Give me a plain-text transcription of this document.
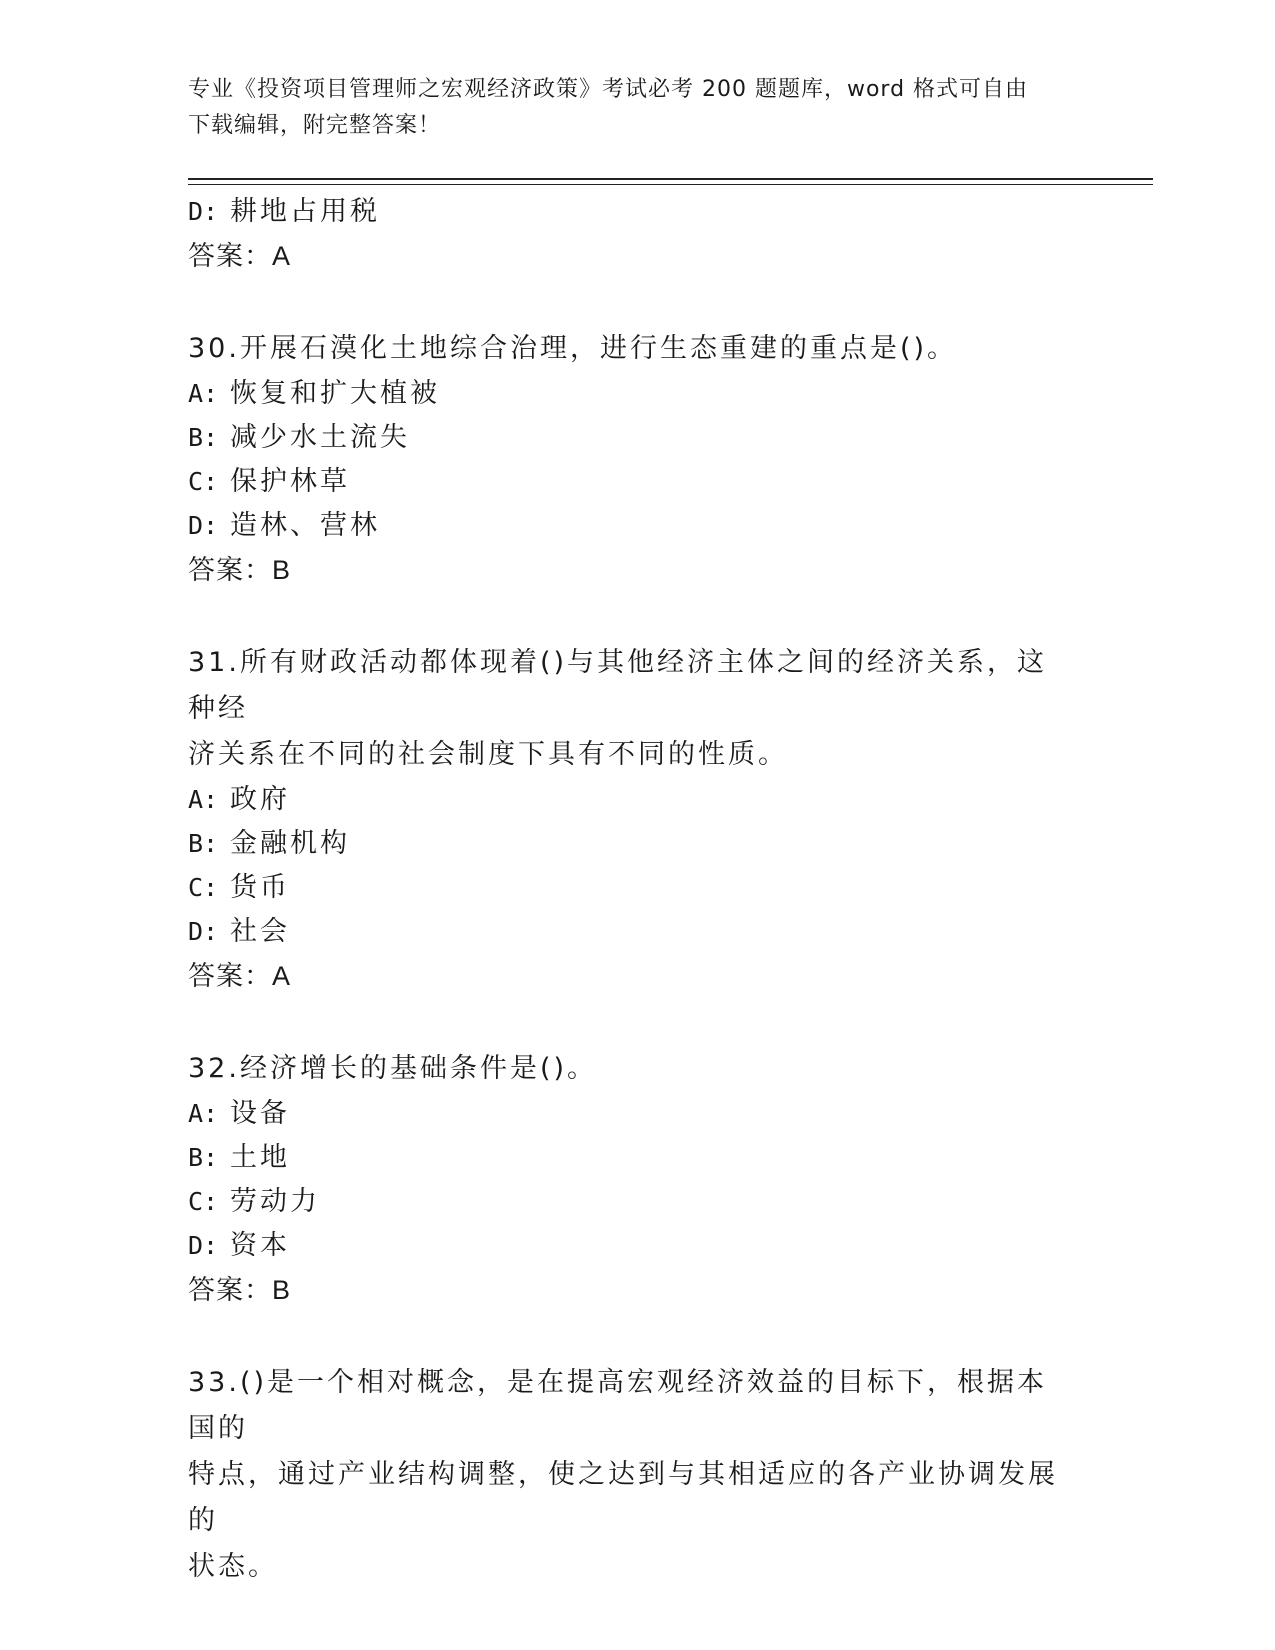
专业《投资项目管理师之宏观经济政策》考试必考 200 题题库，word 格式可自由
下载编辑，附完整答案！
D: 耕地占用税
答案：A
30.开展石漠化土地综合治理，进行生态重建的重点是()。
A: 恢复和扩大植被
B: 减少水土流失
C: 保护林草
D: 造林、营林
答案：B
31.所有财政活动都体现着()与其他经济主体之间的经济关系，这种经
济关系在不同的社会制度下具有不同的性质。
A: 政府
B: 金融机构
C: 货币
D: 社会
答案：A
32.经济增长的基础条件是()。
A: 设备
B: 土地
C: 劳动力
D: 资本
答案：B
33.()是一个相对概念，是在提高宏观经济效益的目标下，根据本国的
特点，通过产业结构调整，使之达到与其相适应的各产业协调发展的
状态。
